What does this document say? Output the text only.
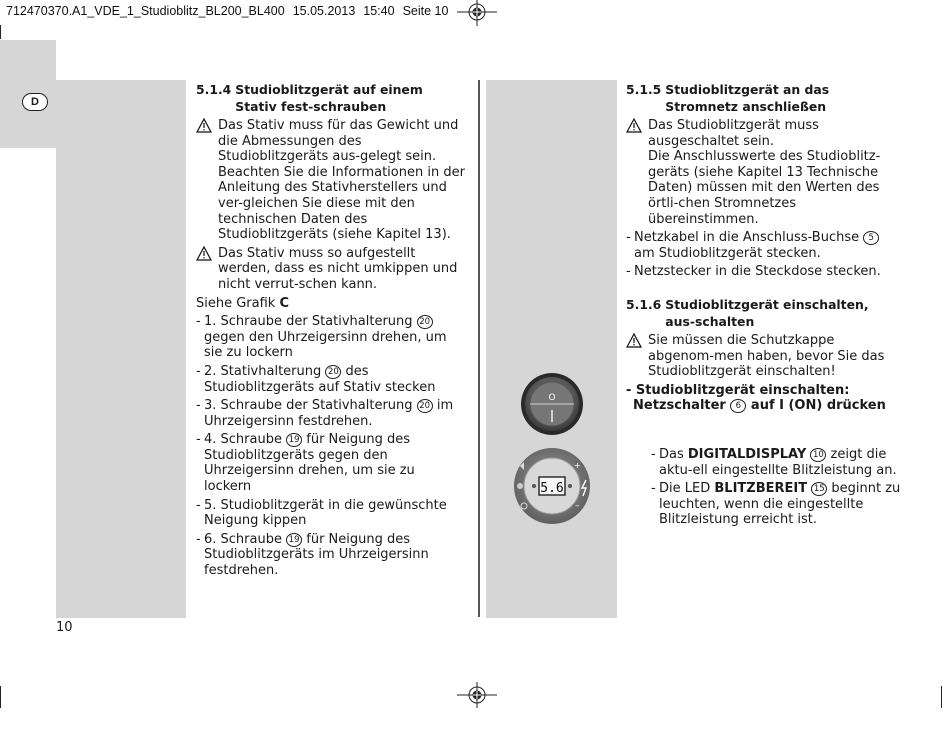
712470370.A1_VDE_1_Studioblitz_BL200_BL400 15.05.2013 15:40 Seite 10
D
5.1.4 Studioblitzgerät auf einem Stativ fest-schrauben

Das Stativ muss für das Gewicht und die Abmessungen des Studioblitzgeräts aus-gelegt sein.

Beachten Sie die Informationen in der Anleitung des Stativherstellers und ver-gleichen Sie diese mit den technischen Daten des Studioblitzgeräts (siehe Kapitel 13).

Das Stativ muss so aufgestellt werden, dass es nicht umkippen und nicht verrut-schen kann.

Siehe Grafik C

- 1. Schraube der Stativhalterung 20 gegen den Uhrzeigersinn drehen, um sie zu lockern
- 2. Stativhalterung 20 des Studioblitzgeräts auf Stativ stecken
- 3. Schraube der Stativhalterung 20 im Uhrzeigersinn festdrehen.
- 4. Schraube 19 für Neigung des Studioblitzgeräts gegen den Uhrzeigersinn drehen, um sie zu lockern
- 5. Studioblitzgerät in die gewünschte Neigung kippen
- 6. Schraube 19 für Neigung des Studioblitzgeräts im Uhrzeigersinn festdrehen.
O
5.6
+
–
5.1.5 Studioblitzgerät an das Stromnetz anschließen

Das Studioblitzgerät muss ausgeschaltet sein.

Die Anschlusswerte des Studioblitz-geräts (siehe Kapitel 13 Technische Daten) müssen mit den Werten des örtli-chen Stromnetzes übereinstimmen.

- Netzkabel in die Anschluss-Buchse 5 am Studioblitzgerät stecken.
- Netzstecker in die Steckdose stecken.
5.1.6 Studioblitzgerät einschalten, aus-schalten

Sie müssen die Schutzkappe abgenom-men haben, bevor Sie das Studioblitzgerät einschalten!

- Studioblitzgerät einschalten:

Netzschalter 6 auf I (ON) drücken

- Das DIGITALDISPLAY 10 zeigt die aktu-ell eingestellte Blitzleistung an.
- Die LED BLITZBEREIT 15 beginnt zu leuchten, wenn die eingestellte Blitzleistung erreicht ist.
10
